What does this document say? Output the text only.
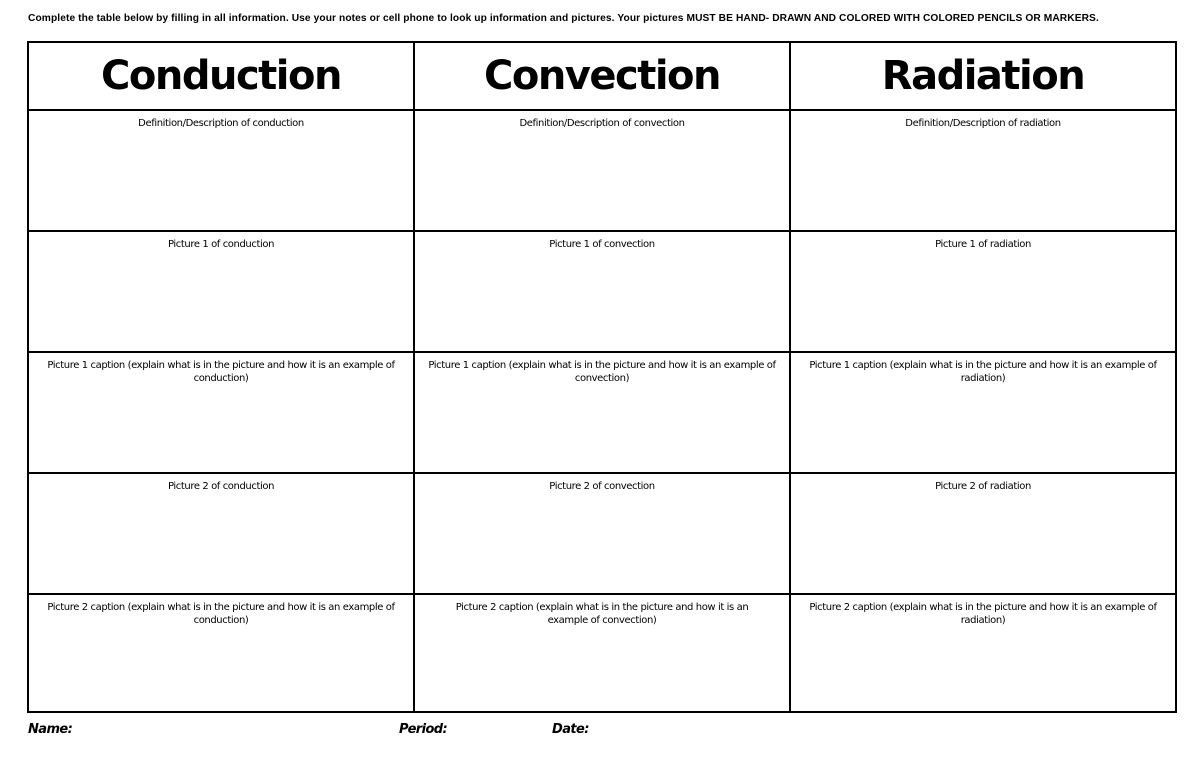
Complete the table below by filling in all information. Use your notes or cell phone to look up information and pictures. Your pictures MUST BE HAND- DRAWN AND COLORED WITH COLORED PENCILS OR MARKERS.
Conduction	Convection	Radiation

Definition/Description of conduction	Definition/Description of convection	Definition/Description of radiation

Picture 1 of conduction	Picture 1 of convection	Picture 1 of radiation

Picture 1 caption (explain what is in the picture and how it is an example of conduction)	Picture 1 caption (explain what is in the picture and how it is an example of convection)	Picture 1 caption (explain what is in the picture and how it is an example of radiation)

Picture 2 of conduction	Picture 2 of convection	Picture 2 of radiation

Picture 2 caption (explain what is in the picture and how it is an example of conduction)	Picture 2 caption (explain what is in the picture and how it is an example of convection)	Picture 2 caption (explain what is in the picture and how it is an example of radiation)
Name:	Period:	Date:
